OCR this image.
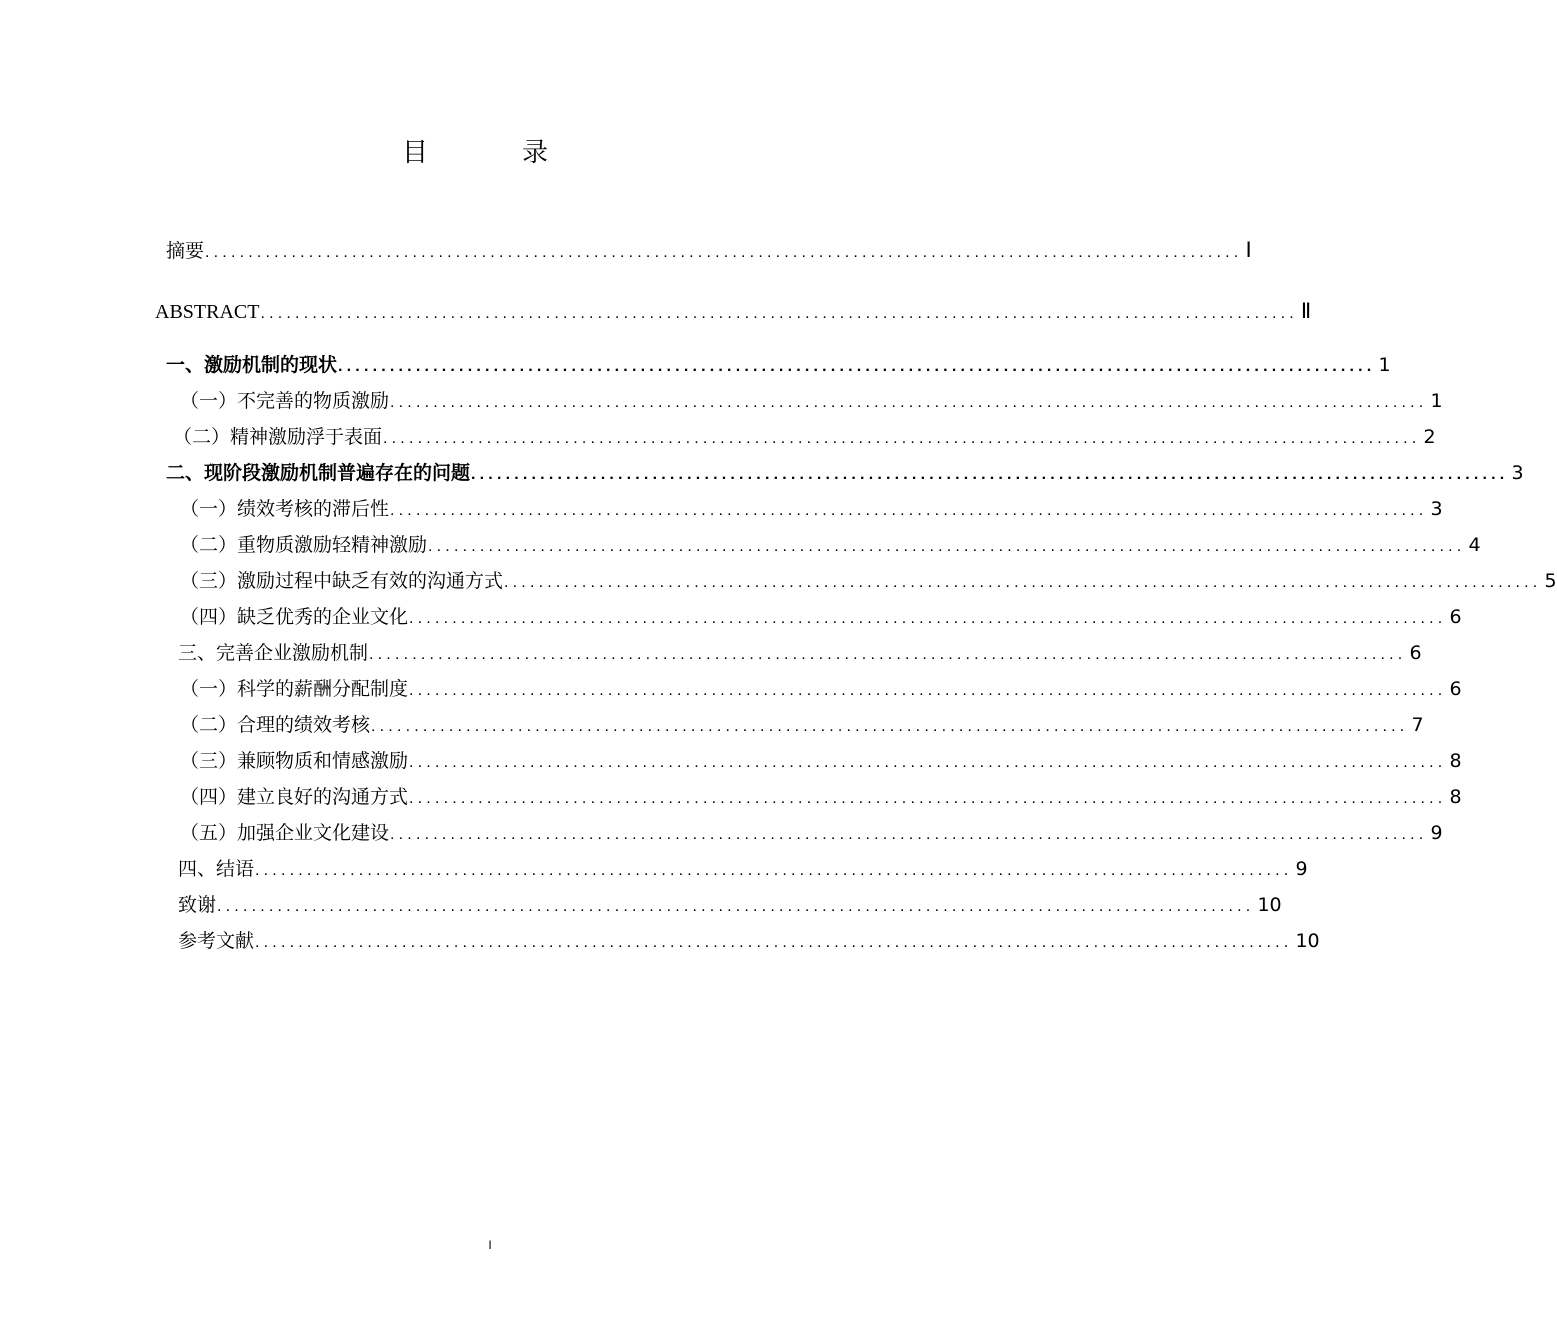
目　录
摘要 ........................................................................................................................ Ⅰ
ABSTRACT ........................................................................................................................ Ⅱ
一、激励机制的现状 ........................................................................................................................ 1
（一）不完善的物质激励 ........................................................................................................................ 1
（二）精神激励浮于表面 ........................................................................................................................ 2
二、现阶段激励机制普遍存在的问题 ........................................................................................................................ 3
（一）绩效考核的滞后性 ........................................................................................................................ 3
（二）重物质激励轻精神激励 ........................................................................................................................ 4
（三）激励过程中缺乏有效的沟通方式 ........................................................................................................................ 5
（四）缺乏优秀的企业文化 ........................................................................................................................ 6
三、完善企业激励机制 ........................................................................................................................ 6
（一）科学的薪酬分配制度 ........................................................................................................................ 6
（二）合理的绩效考核 ........................................................................................................................ 7
（三）兼顾物质和情感激励 ........................................................................................................................ 8
（四）建立良好的沟通方式 ........................................................................................................................ 8
（五）加强企业文化建设 ........................................................................................................................ 9
四、结语 ........................................................................................................................ 9
致谢 ........................................................................................................................ 10
参考文献 ........................................................................................................................ 10
I
